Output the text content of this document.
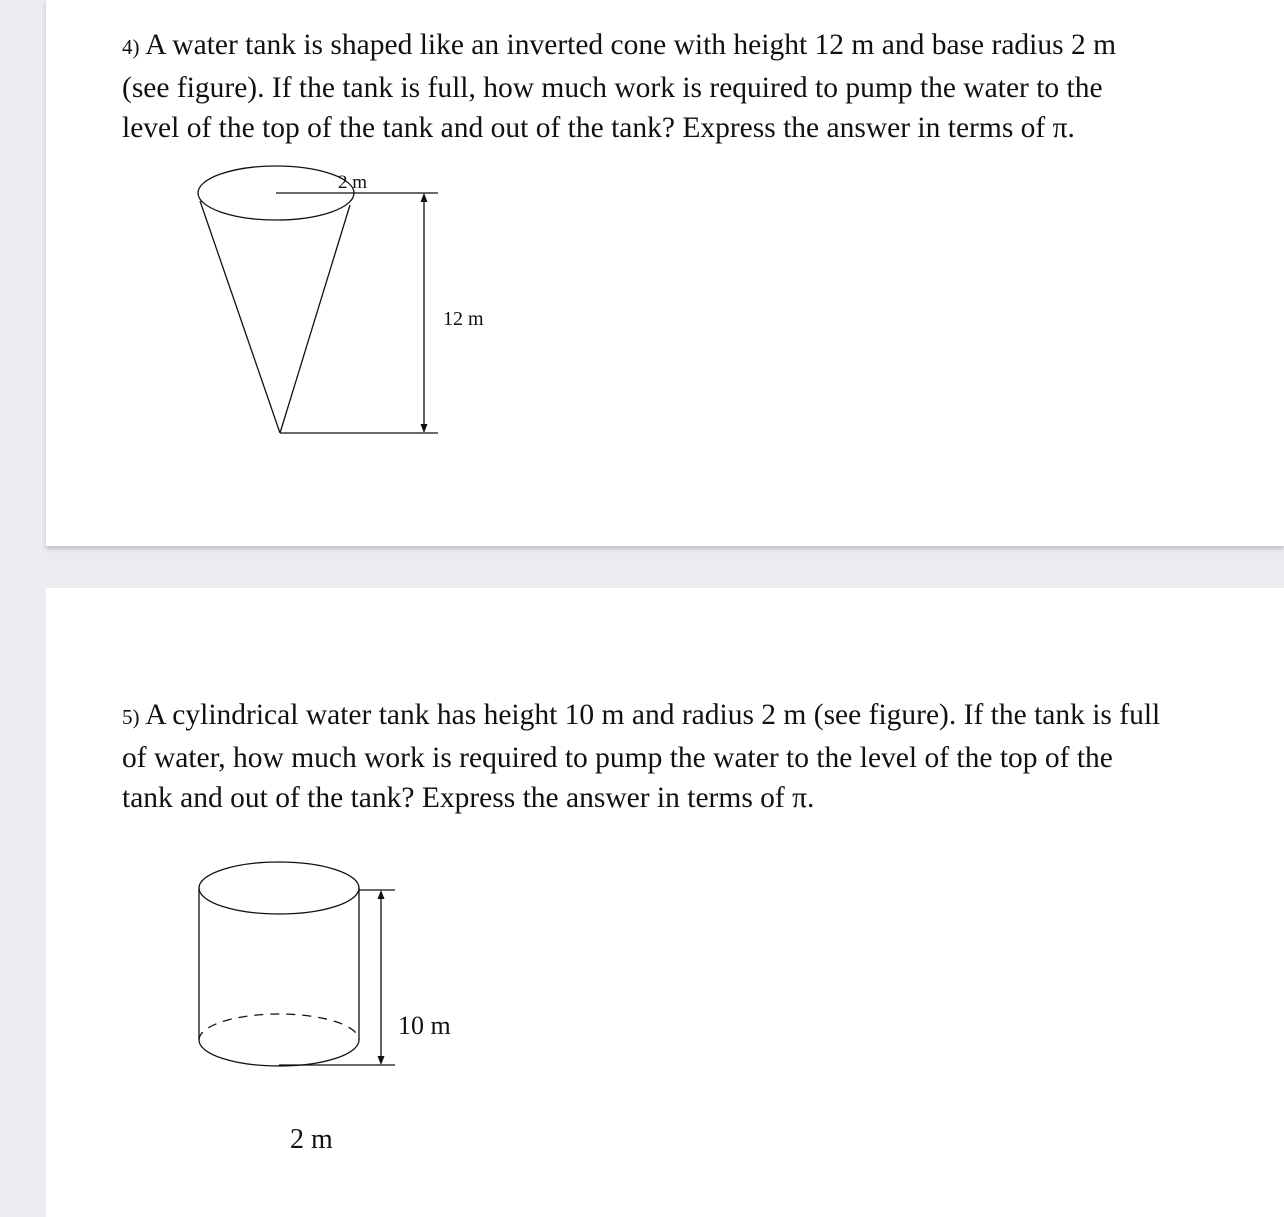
4) A water tank is shaped like an inverted cone with height 12 m and base radius 2 m
(see figure). If the tank is full, how much work is required to pump the water to the
level of the top of the tank and out of the tank? Express the answer in terms of π.

2 m
12 m

5) A cylindrical water tank has height 10 m and radius 2 m (see figure). If the tank is full
of water, how much work is required to pump the water to the level of the top of the
tank and out of the tank? Express the answer in terms of π.

10 m
2 m
